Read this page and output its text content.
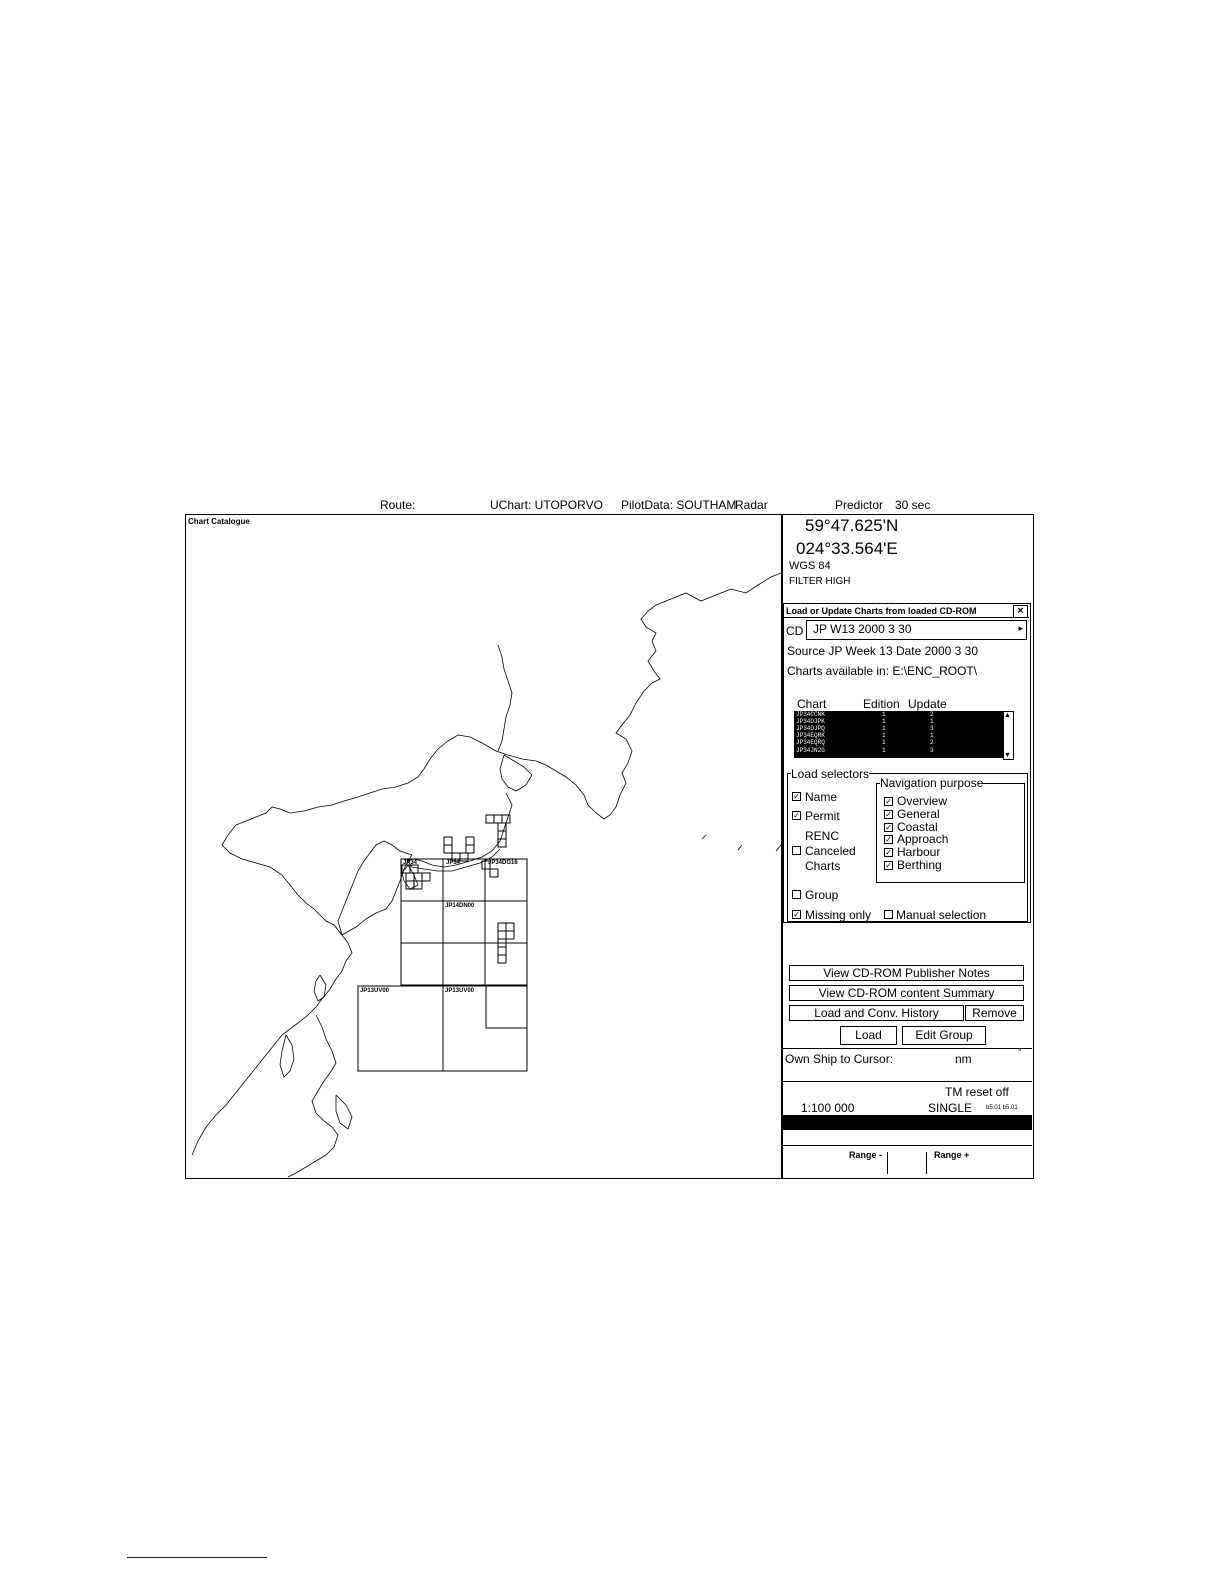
Route:	UChart: UTOPORVO PilotData: SOUTHAM
Radar	Predictor 30 sec
JP34	JP34	JP34DG16
JP14DN00
JP13UV00	JP13UV00
Chart Catalogue	59°47.625'N
024°33.564'E
WGS 84
FILTER HIGH
Load or Update Charts from loaded CD-ROM	×
CD JP W13 2000 3 30	▸
Source JP Week 13 Date 2000 3 30
Charts available in: E:\ENC_ROOT\
Chart	Edition Update
JP34CCNK	1	2
JP34DJPK	1	1
JP34DJPQ	1	3
JP34EQRK	1	1
JP34EQRQ	1	2
JP34JN2G	1	3
▲
▼
Load selectors
✓ Name
✓ Permit
RENC
Canceled
Charts
Group
✓ Missing only Manual selection
Navigation purpose
✓ Overview
✓ General
✓ Coastal
✓ Approach
✓ Harbour
✓ Berthing
View CD-ROM Publisher Notes
View CD-ROM content Summary
Load and Conv. History	Remove
Load	Edit Group
Own Ship to Cursor:	nm	°
TM reset off
1:100 000	SINGLE b5.01 b5.01
Range -	Range +
